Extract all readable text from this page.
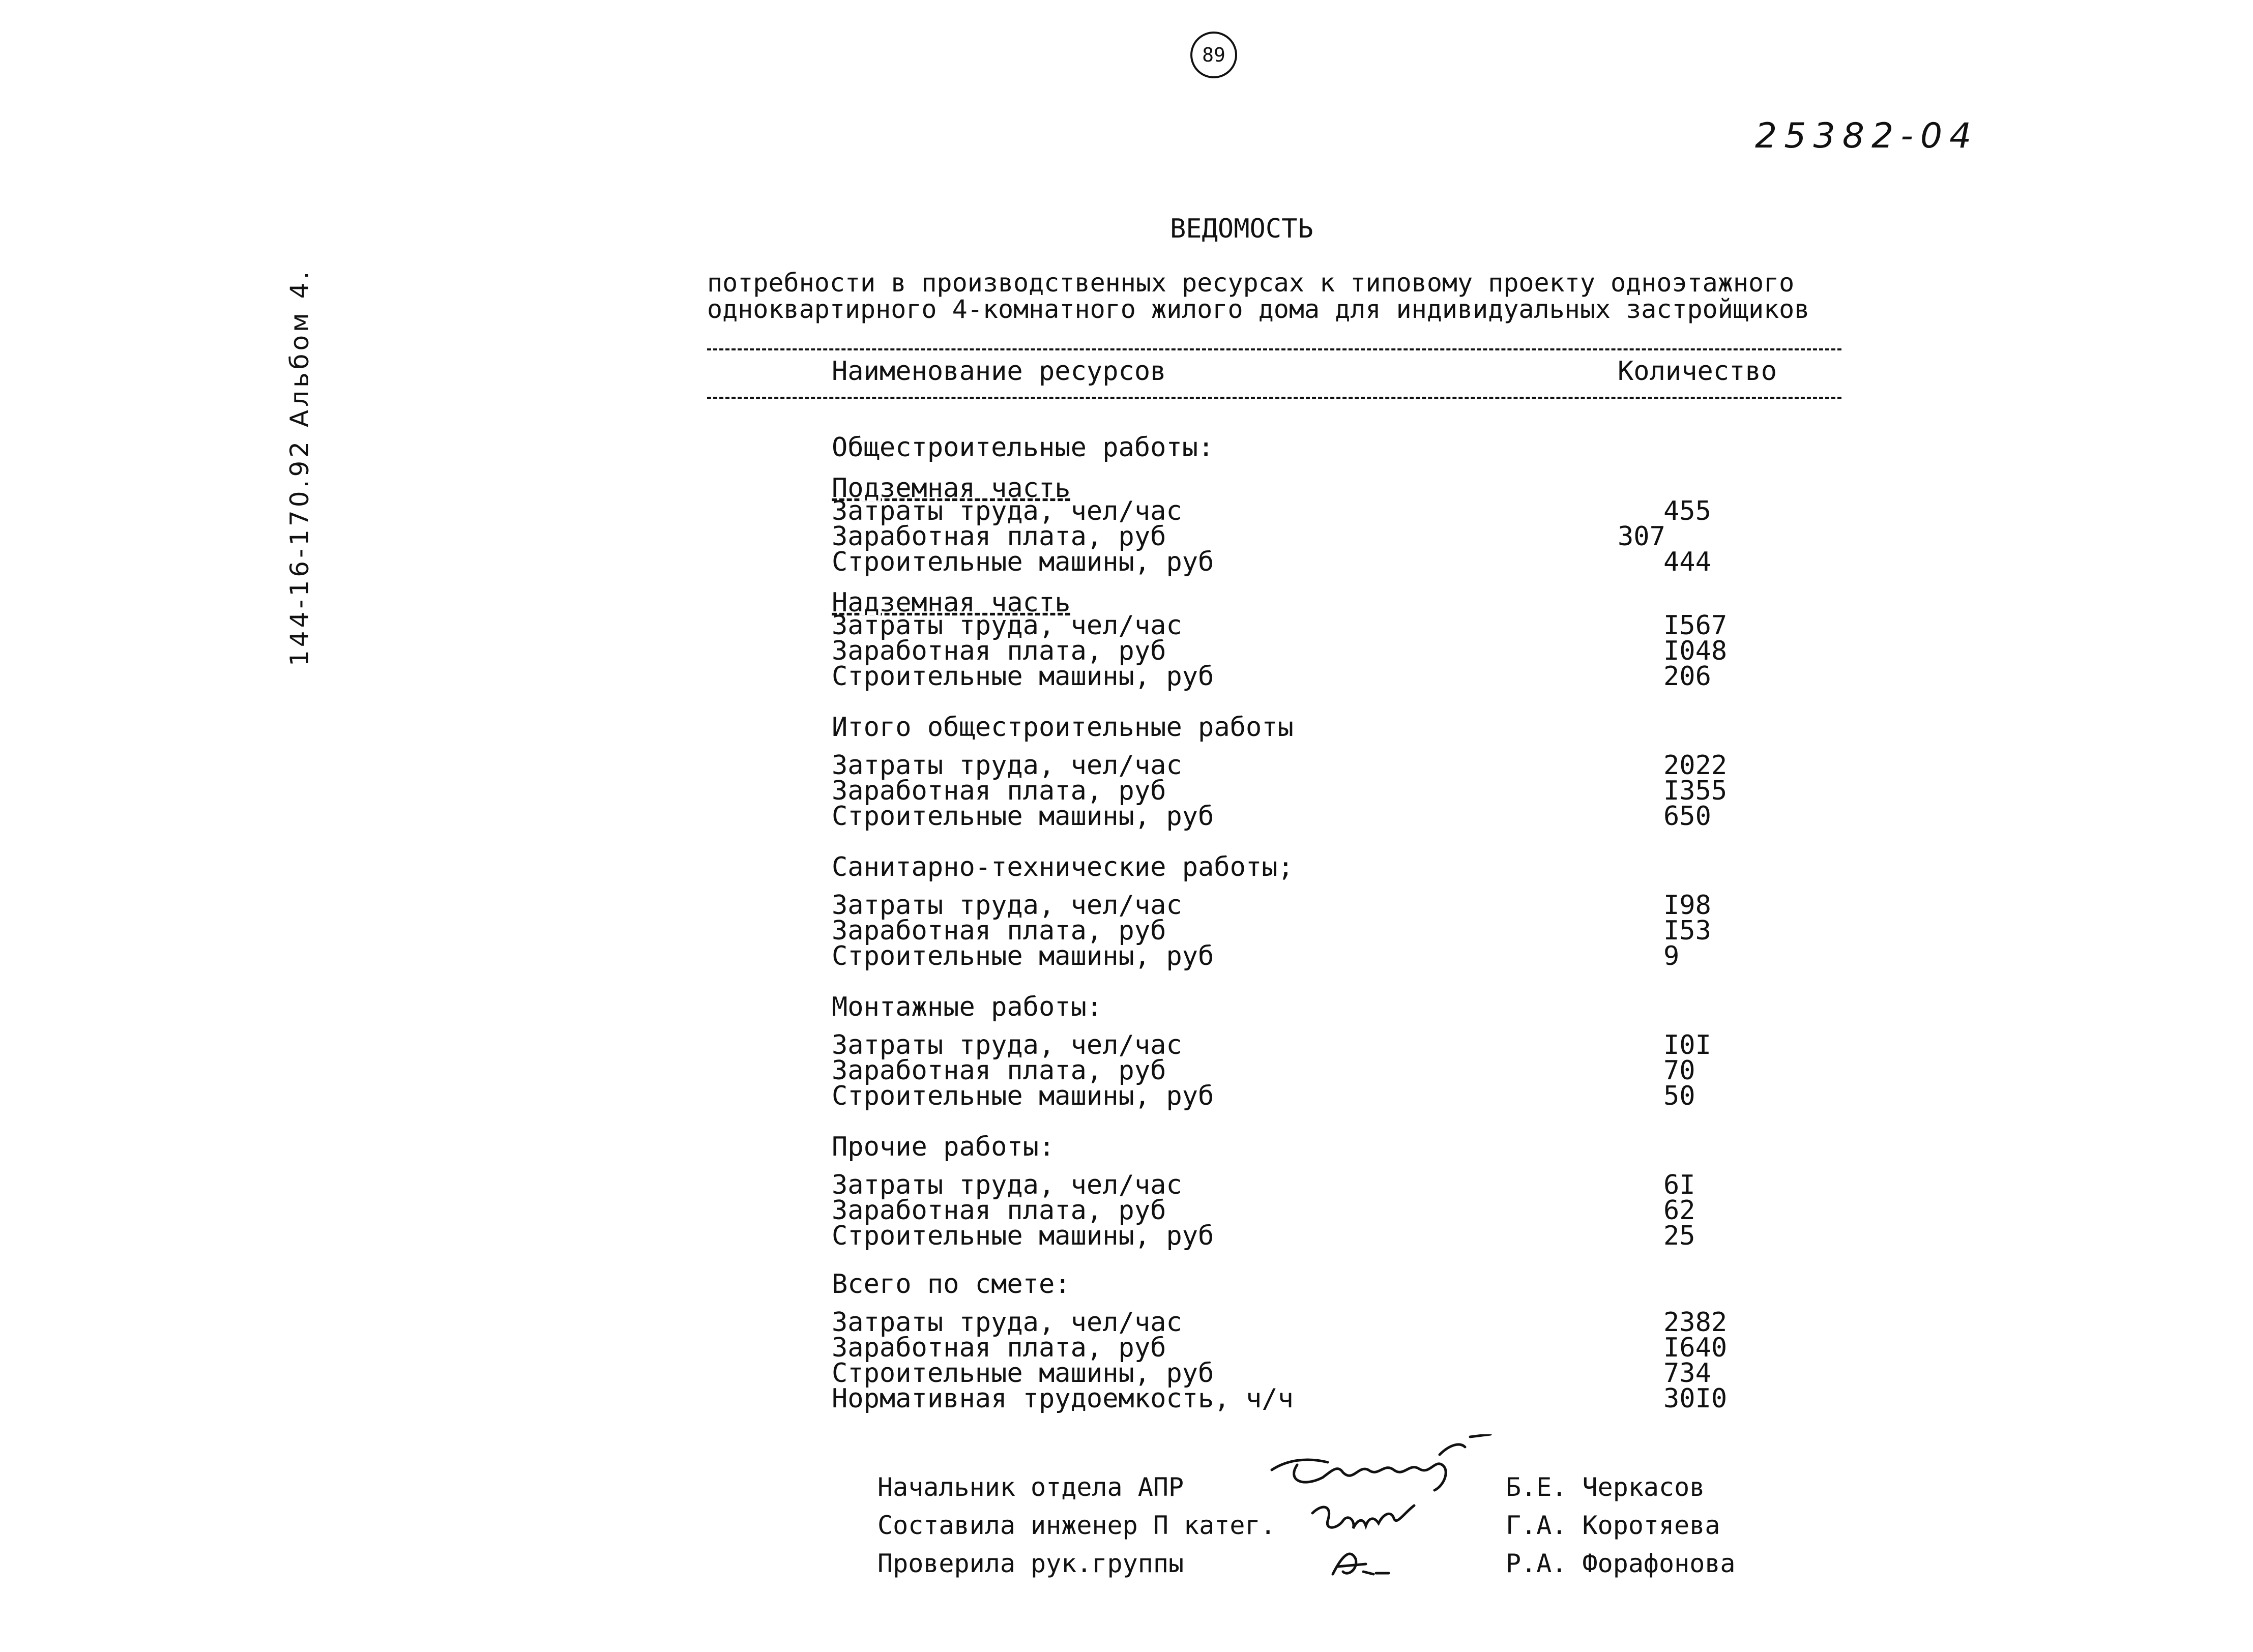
89
25382-04
144-16-170.92 Альбом 4.
ВЕДОМОСТЬ
потребности в производственных ресурсах к типовому проекту одноэтажного
одноквартирного 4-комнатного жилого дома для индивидуальных застройщиков
Наименование ресурсов	Количество
Общестроительные работы:
Подземная часть
Затраты труда, чел/час	455
Заработная плата, руб	307
Строительные машины, руб	444
Надземная часть
Затраты труда, чел/час	I567
Заработная плата, руб	I048
Строительные машины, руб	206
Итого общестроительные работы
Затраты труда, чел/час	2022
Заработная плата, руб	I355
Строительные машины, руб	650
Санитарно-технические работы;
Затраты труда, чел/час	I98
Заработная плата, руб	I53
Строительные машины, руб	9
Монтажные работы:
Затраты труда, чел/час	I0I
Заработная плата, руб	70
Строительные машины, руб	50
Прочие работы:
Затраты труда, чел/час	6I
Заработная плата, руб	62
Строительные машины, руб	25
Всего по смете:
Затраты труда, чел/час	2382
Заработная плата, руб	I640
Строительные машины, руб	734
Нормативная трудоемкость, ч/ч	30I0
Начальник отдела АПР	Б.Е. Черкасов
Составила инженер П катег.	Г.А. Коротяева
Проверила рук.группы	Р.А. Форафонова
